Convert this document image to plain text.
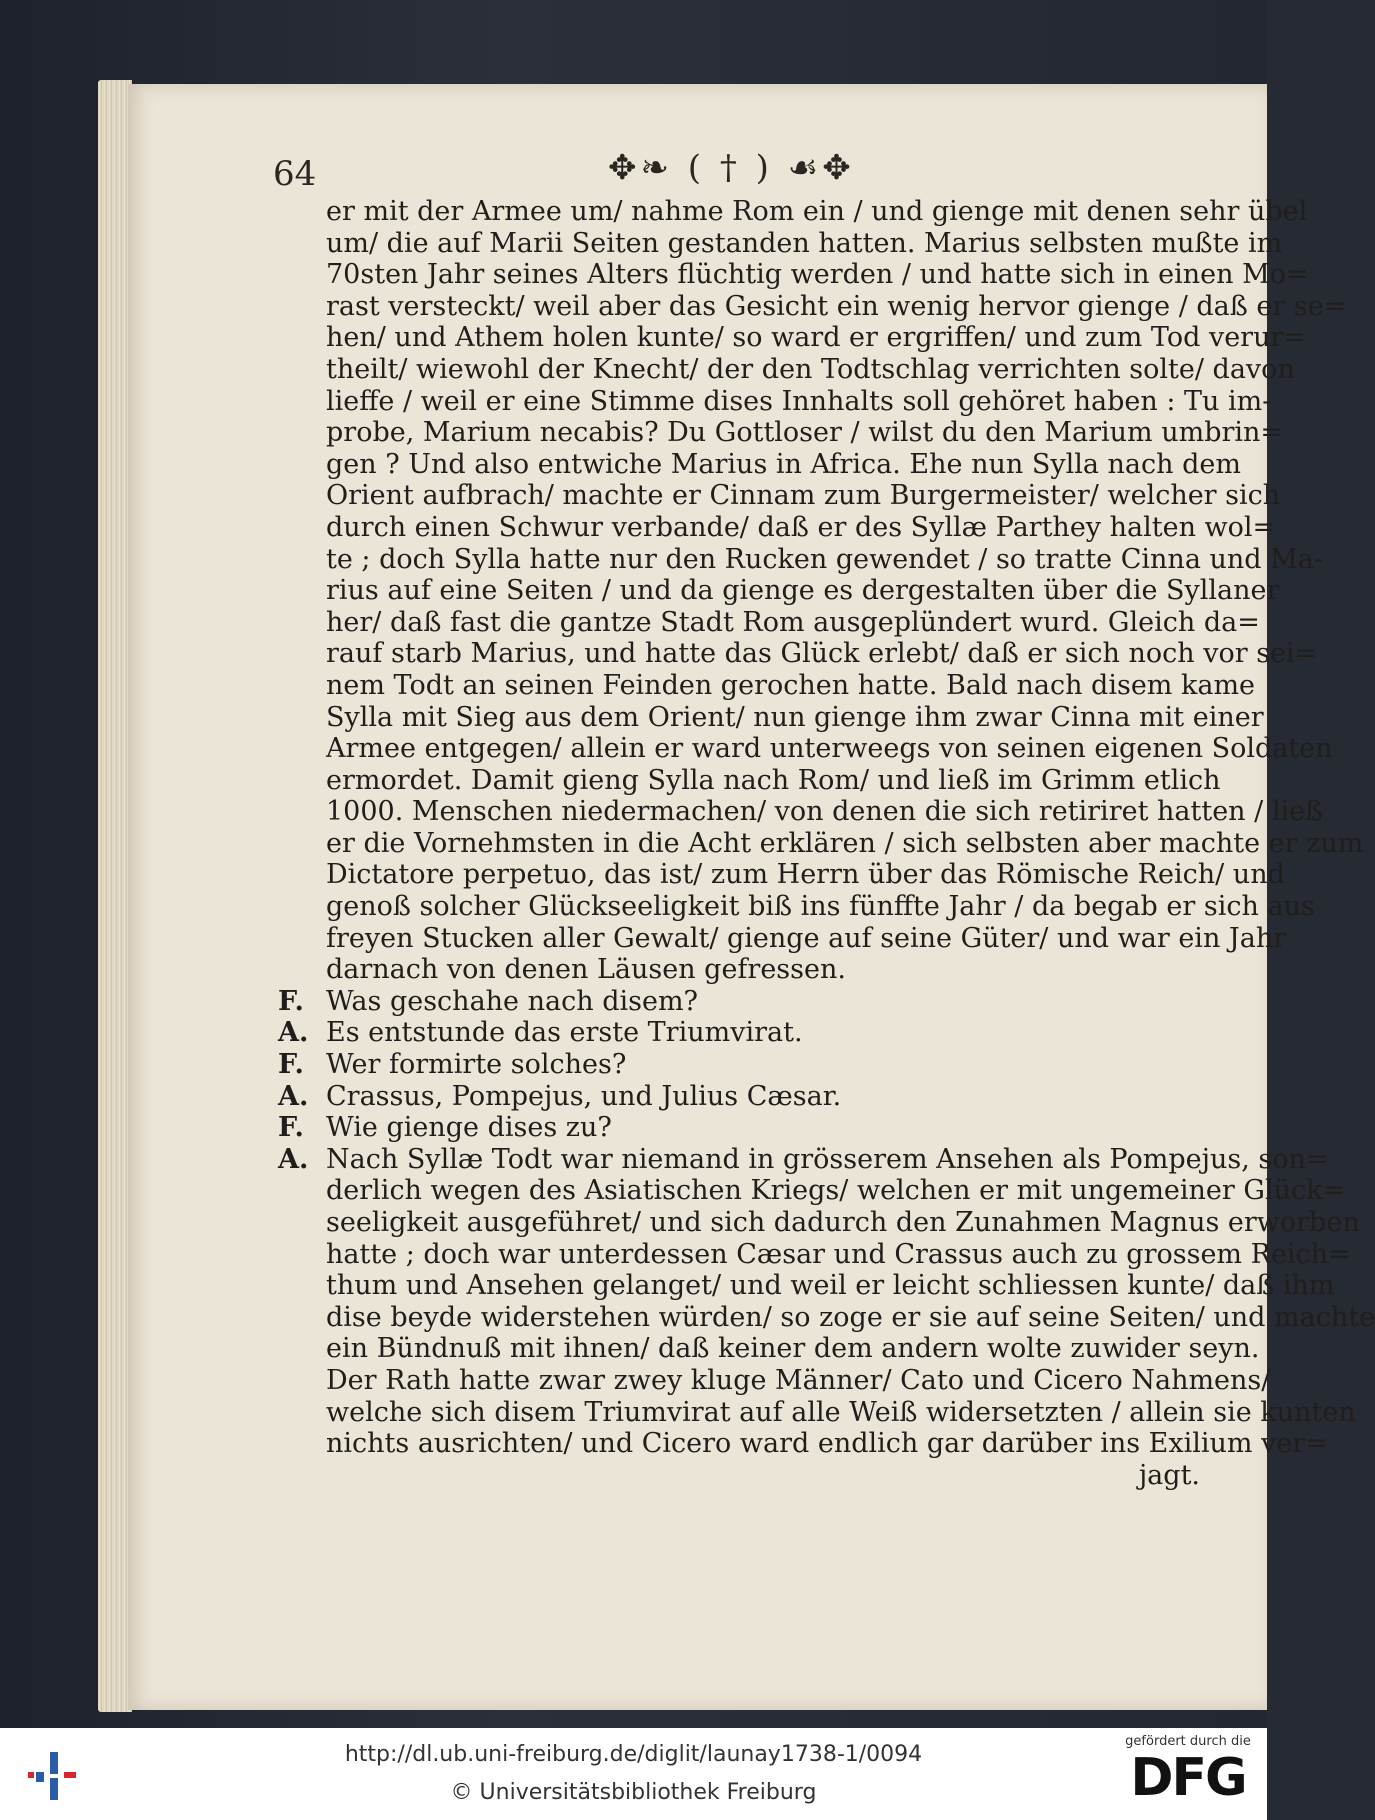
64	✥❧ ( † ) ☙✥
er mit der Armee um/ nahme Rom ein / und gienge mit denen sehr übel
um/ die auf Marii Seiten gestanden hatten. Marius selbsten mußte im
70sten Jahr seines Alters flüchtig werden / und hatte sich in einen Mo=
rast versteckt/ weil aber das Gesicht ein wenig hervor gienge / daß er se=
hen/ und Athem holen kunte/ so ward er ergriffen/ und zum Tod verur=
theilt/ wiewohl der Knecht/ der den Todtschlag verrichten solte/ davon
lieffe / weil er eine Stimme dises Innhalts soll gehöret haben : Tu im-
probe, Marium necabis? Du Gottloser / wilst du den Marium umbrin=
gen ? Und also entwiche Marius in Africa. Ehe nun Sylla nach dem
Orient aufbrach/ machte er Cinnam zum Burgermeister/ welcher sich
durch einen Schwur verbande/ daß er des Syllæ Parthey halten wol=
te ; doch Sylla hatte nur den Rucken gewendet / so tratte Cinna und Ma-
rius auf eine Seiten / und da gienge es dergestalten über die Syllaner
her/ daß fast die gantze Stadt Rom ausgeplündert wurd. Gleich da=
rauf starb Marius, und hatte das Glück erlebt/ daß er sich noch vor sei=
nem Todt an seinen Feinden gerochen hatte. Bald nach disem kame
Sylla mit Sieg aus dem Orient/ nun gienge ihm zwar Cinna mit einer
Armee entgegen/ allein er ward unterweegs von seinen eigenen Soldaten
ermordet. Damit gieng Sylla nach Rom/ und ließ im Grimm etlich
1000. Menschen niedermachen/ von denen die sich retiriret hatten / ließ
er die Vornehmsten in die Acht erklären / sich selbsten aber machte er zum
Dictatore perpetuo, das ist/ zum Herrn über das Römische Reich/ und
genoß solcher Glückseeligkeit biß ins fünffte Jahr / da begab er sich aus
freyen Stucken aller Gewalt/ gienge auf seine Güter/ und war ein Jahr
darnach von denen Läusen gefressen.
F. Was geschahe nach disem?
A. Es entstunde das erste Triumvirat.
F. Wer formirte solches?
A. Crassus, Pompejus, und Julius Cæsar.
F. Wie gienge dises zu?
A. Nach Syllæ Todt war niemand in grösserem Ansehen als Pompejus, son=
derlich wegen des Asiatischen Kriegs/ welchen er mit ungemeiner Glück=
seeligkeit ausgeführet/ und sich dadurch den Zunahmen Magnus erworben
hatte ; doch war unterdessen Cæsar und Crassus auch zu grossem Reich=
thum und Ansehen gelanget/ und weil er leicht schliessen kunte/ daß ihm
dise beyde widerstehen würden/ so zoge er sie auf seine Seiten/ und machte
ein Bündnuß mit ihnen/ daß keiner dem andern wolte zuwider seyn.
Der Rath hatte zwar zwey kluge Männer/ Cato und Cicero Nahmens/
welche sich disem Triumvirat auf alle Weiß widersetzten / allein sie kunten
nichts ausrichten/ und Cicero ward endlich gar darüber ins Exilium ver=
jagt.
http://dl.ub.uni-freiburg.de/diglit/launay1738-1/0094
© Universitätsbibliothek Freiburg
gefördert durch die
DFG
